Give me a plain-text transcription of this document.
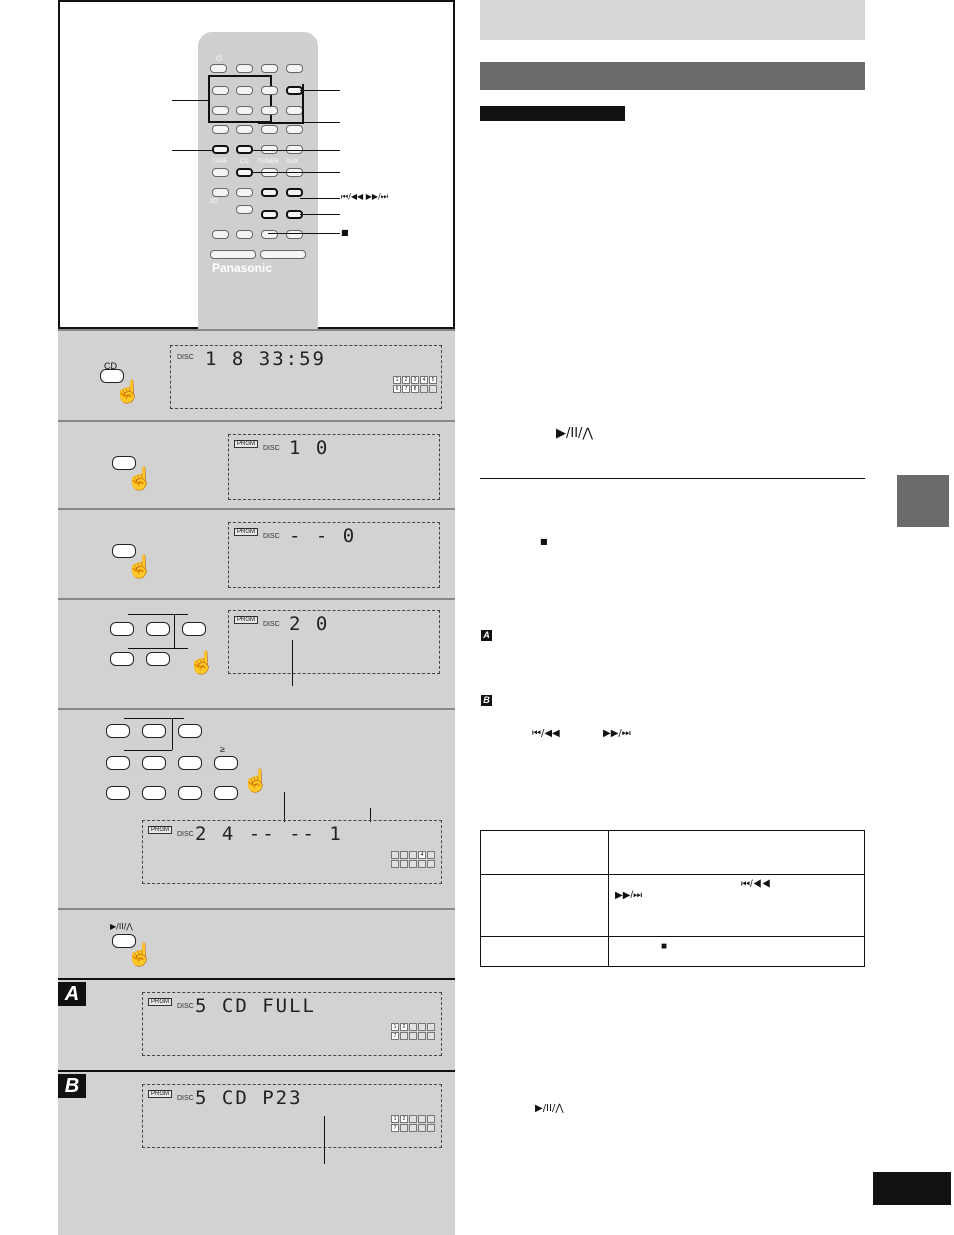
⏻
TAPE CD TUNER AUX
3D
Panasonic
⏮/◀◀ ▶▶/⏭
■
CD
☝
DISC 1 8 33:59
1	2	3	4	5
6	7	8
☝
PRGM
DISC 1 0
☝
PRGM
DISC - - 0
☝
PRGM
DISC 2 0
≥
☝
PRGM
DISC 2 4 -- -- 1
4
▶/II/⋀
☝
A	PRGM
DISC 5 CD FULL
1	2
7
B	PRGM
DISC 5 CD P23
1	2
7
▶/II/⋀
■
A
B
⏮/◀◀	▶▶/⏭

	⏮/◀◀
▶▶/⏭
	■
▶/II/⋀
